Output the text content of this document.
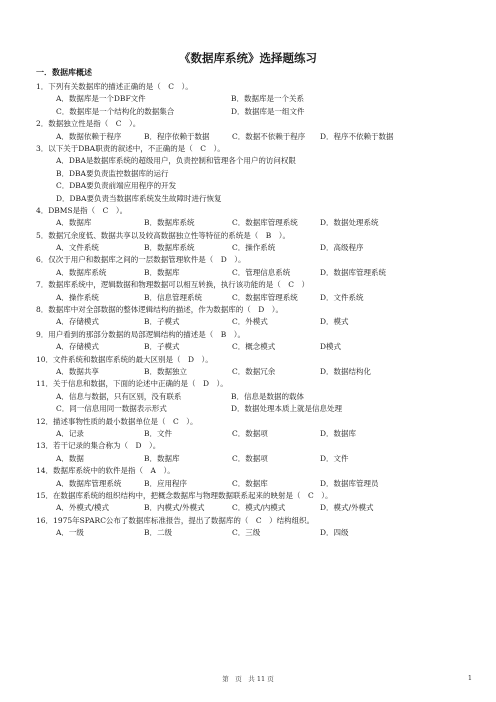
《数据库系统》选择题练习
一．数据库概述
1．下列有关数据库的描述正确的是（　C　）。
A．数据库是一个DBF文件	B．数据库是一个关系
C．数据库是一个结构化的数据集合	D．数据库是一组文件
2．数据独立性是指（　C　）。
A．数据依赖于程序	B．程序依赖于数据	C．数据不依赖于程序	D．程序不依赖于数据
3．以下关于DBA职责的叙述中，不正确的是（　C　）。
A．DBA是数据库系统的超级用户，负责控制和管理各个用户的访问权限
B．DBA要负责监控数据库的运行
C．DBA要负责前端应用程序的开发
D．DBA要负责当数据库系统发生故障时进行恢复
4．DBMS是指（　C　）。
A．数据库	B．数据库系统	C．数据库管理系统	D．数据处理系统
5．数据冗余度低、数据共享以及较高数据独立性等特征的系统是（　B　）。
A．文件系统	B．数据库系统	C．操作系统	D．高级程序
6．仅次于用户和数据库之间的一层数据管理软件是（　D　）。
A．数据库系统	B．数据库	C．管理信息系统	D．数据库管理系统
7．数据库系统中，逻辑数据和物理数据可以相互转换，执行该功能的是（　C　）
A．操作系统	B．信息管理系统	C．数据库管理系统	D．文件系统
8．数据库中对全部数据的整体逻辑结构的描述，作为数据库的（　D　）。
A．存储模式	B．子模式	C．外模式	D．模式
9．用户看到的那部分数据的局部逻辑结构的描述是（　B　）。
A．存储模式	B．子模式	C．概念模式	D模式
10．文件系统和数据库系统的最大区别是（　D　）。
A．数据共享	B．数据独立	C．数据冗余	D．数据结构化
11．关于信息和数据，下面的论述中正确的是（　D　）。
A．信息与数据，只有区别，没有联系	B．信息是数据的载体
C．同一信息用同一数据表示形式	D．数据处理本质上就是信息处理
12．描述事物性质的最小数据单位是（　C　）。
A．记录	B．文件	C．数据项	D．数据库
13．若干记录的集合称为（　D　）。
A．数据	B．数据库	C．数据项	D．文件
14．数据库系统中的软件是指（　A　）。
A．数据库管理系统	B．应用程序	C．数据库	D．数据库管理员
15．在数据库系统的组织结构中，把概念数据库与物理数据联系起来的映射是（　C　）。
A．外模式/模式	B．内模式/外模式	C．模式/内模式	D．模式/外模式
16．1975年SPARC公布了数据库标准报告，提出了数据库的（　C　）结构组织。
A．一级	B．二级	C．三级	D．四级
第　页　共 11 页	1
